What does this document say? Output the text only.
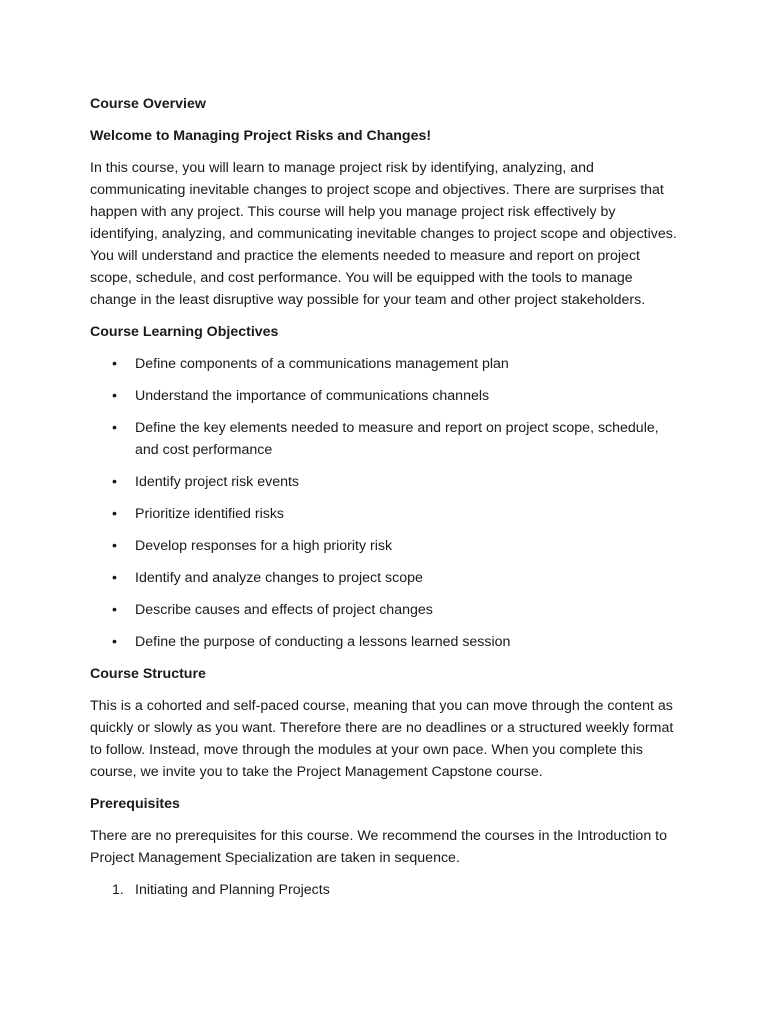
Course Overview

Welcome to Managing Project Risks and Changes!

In this course, you will learn to manage project risk by identifying, analyzing, and communicating inevitable changes to project scope and objectives. There are surprises that happen with any project. This course will help you manage project risk effectively by identifying, analyzing, and communicating inevitable changes to project scope and objectives. You will understand and practice the elements needed to measure and report on project scope, schedule, and cost performance. You will be equipped with the tools to manage change in the least disruptive way possible for your team and other project stakeholders.

Course Learning Objectives

• Define components of a communications management plan
• Understand the importance of communications channels
• Define the key elements needed to measure and report on project scope, schedule, and cost performance
• Identify project risk events
• Prioritize identified risks
• Develop responses for a high priority risk
• Identify and analyze changes to project scope
• Describe causes and effects of project changes
• Define the purpose of conducting a lessons learned session

Course Structure

This is a cohorted and self-paced course, meaning that you can move through the content as quickly or slowly as you want. Therefore there are no deadlines or a structured weekly format to follow. Instead, move through the modules at your own pace. When you complete this course, we invite you to take the Project Management Capstone course.

Prerequisites

There are no prerequisites for this course. We recommend the courses in the Introduction to Project Management Specialization are taken in sequence.

1. Initiating and Planning Projects
